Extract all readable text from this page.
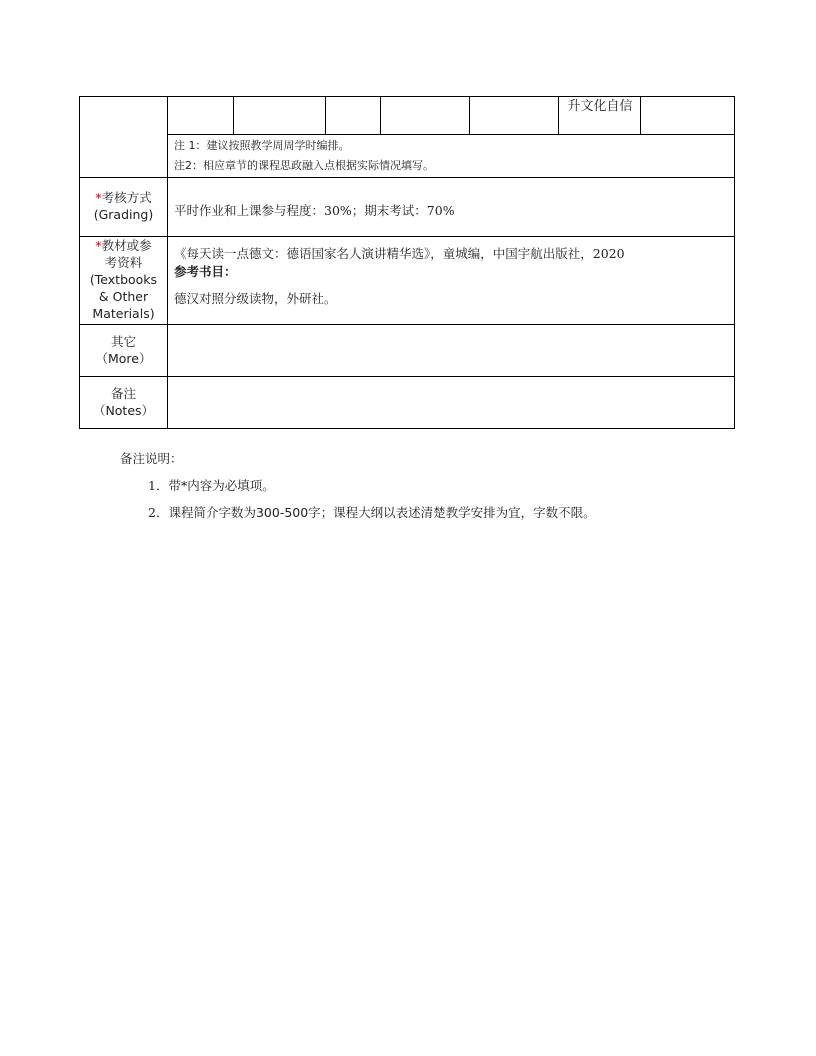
升文化自信
注 1：建议按照教学周周学时编排。
注2：相应章节的课程思政融入点根据实际情况填写。
*考核方式
(Grading)	平时作业和上课参与程度：30%；期末考试：70%
*教材或参
考资料
(Textbooks
& Other
Materials)
《每天读一点德文：德语国家名人演讲精华选》，童城编，中国宇航出版社，2020
参考书目：
德汉对照分级读物，外研社。
其它
（More）
备注
（Notes）
备注说明：
1．带*内容为必填项。
2．课程简介字数为300-500字；课程大纲以表述清楚教学安排为宜，字数不限。
